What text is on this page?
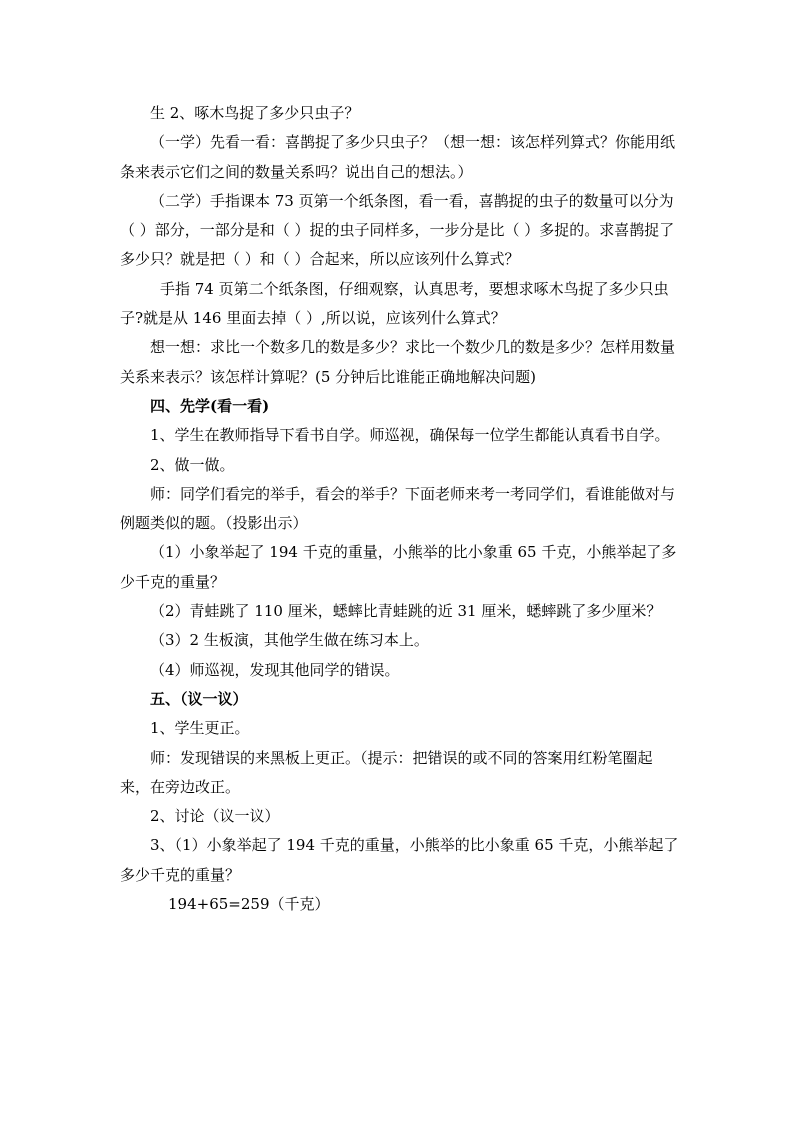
生 2、啄木鸟捉了多少只虫子？

（一学）先看一看：喜鹊捉了多少只虫子？（想一想：该怎样列算式？你能用纸条来表示它们之间的数量关系吗？说出自己的想法。）

（二学）手指课本 73 页第一个纸条图，看一看，喜鹊捉的虫子的数量可以分为（ ）部分，一部分是和（ ）捉的虫子同样多，一步分是比（ ）多捉的。求喜鹊捉了多少只？就是把（ ）和（ ）合起来，所以应该列什么算式？

手指 74 页第二个纸条图，仔细观察，认真思考，要想求啄木鸟捉了多少只虫子?就是从 146 里面去掉（ ）,所以说，应该列什么算式？

想一想：求比一个数多几的数是多少？求比一个数少几的数是多少？怎样用数量关系来表示？该怎样计算呢？(5 分钟后比谁能正确地解决问题)

四、先学(看一看)

1、学生在教师指导下看书自学。师巡视，确保每一位学生都能认真看书自学。

2、做一做。

师：同学们看完的举手，看会的举手？下面老师来考一考同学们，看谁能做对与例题类似的题。（投影出示）

（1）小象举起了 194 千克的重量，小熊举的比小象重 65 千克，小熊举起了多少千克的重量？

（2）青蛙跳了 110 厘米，蟋蟀比青蛙跳的近 31 厘米，蟋蟀跳了多少厘米？

（3）2 生板演，其他学生做在练习本上。

（4）师巡视，发现其他同学的错误。

五、（议一议）

1、学生更正。

师：发现错误的来黑板上更正。（提示：把错误的或不同的答案用红粉笔圈起来，在旁边改正。

2、讨论（议一议）

3、（1）小象举起了 194 千克的重量，小熊举的比小象重 65 千克，小熊举起了多少千克的重量？

194+65=259（千克）
